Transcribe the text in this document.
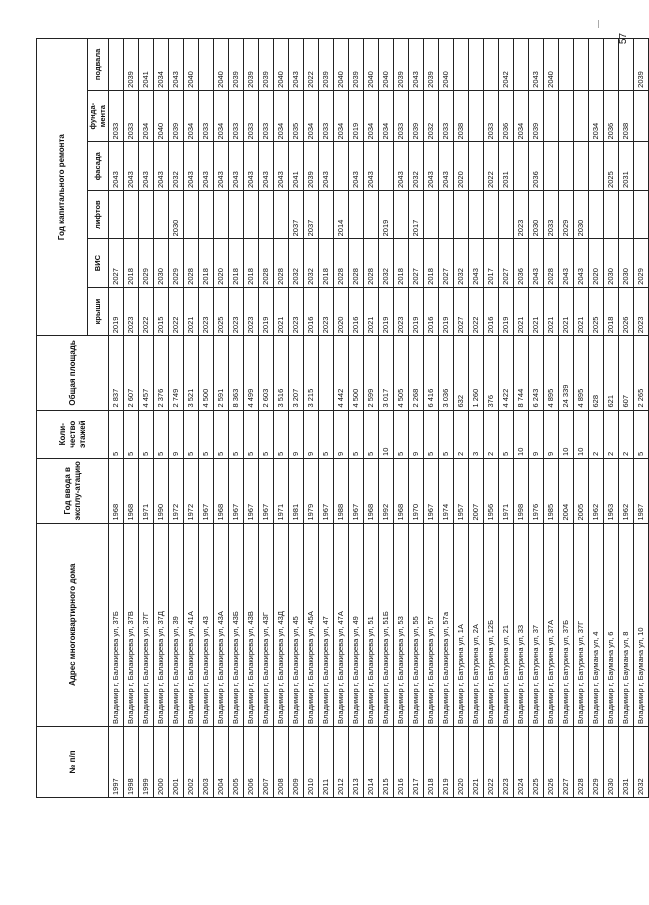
57
№ п/п	Адрес многоквартирного дома	Год ввода в эксплу-атацию	Коли-чество этажей	Общая площадь	Год капитального ремонта					
					крыши	ВИС	лифтов	фасада	фунда-мента	подвала
1997	Владимир г, Балакирева ул, 37Б	1968	5	2 837	2019	2027		2043	2033	
1998	Владимир г, Балакирева ул, 37В	1968	5	2 607	2023	2018		2043	2033	2039
1999	Владимир г, Балакирева ул, 37Г	1971	5	4 457	2022	2029		2043	2034	2041
2000	Владимир г, Балакирева ул, 37Д	1990	5	2 376	2015	2030		2043	2040	2034
2001	Владимир г, Балакирева ул, 39	1972	9	2 749	2022	2029	2030	2032	2039	2043
2002	Владимир г, Балакирева ул, 41А	1972	5	3 521	2021	2028		2043	2034	2040
2003	Владимир г, Балакирева ул, 43	1967	5	4 500	2023	2018		2043	2033	
2004	Владимир г, Балакирева ул, 43А	1968	5	2 591	2025	2020		2043	2034	2040
2005	Владимир г, Балакирева ул, 43Б	1967	5	8 363	2023	2018		2043	2033	2039
2006	Владимир г, Балакирева ул, 43В	1967	5	4 499	2023	2018		2043	2033	2039
2007	Владимир г, Балакирева ул, 43Г	1967	5	2 603	2019	2028		2043	2033	2039
2008	Владимир г, Балакирева ул, 43Д	1971	5	3 516	2021	2028		2043	2034	2040
2009	Владимир г, Балакирева ул, 45	1981	9	3 207	2023	2032	2037	2041	2035	2043
2010	Владимир г, Балакирева ул, 45А	1979	9	3 215	2016	2032	2037	2039	2034	2022
2011	Владимир г, Балакирева ул, 47	1967	5		2023	2018		2043	2033	2039
2012	Владимир г, Балакирева ул, 47А	1988	9	4 442	2020	2028	2014		2034	2040
2013	Владимир г, Балакирева ул, 49	1967	5	4 500	2016	2028		2043	2019	2039
2014	Владимир г, Балакирева ул, 51	1968	5	2 599	2021	2028		2043	2034	2040
2015	Владимир г, Балакирева ул, 51Б	1992	10	3 017	2019	2032	2019		2034	2040
2016	Владимир г, Балакирева ул, 53	1968	5	4 505	2023	2018		2043	2033	2039
2017	Владимир г, Балакирева ул, 55	1970	9	2 268	2019	2027	2017	2032	2039	2043
2018	Владимир г, Балакирева ул, 57	1967	5	6 416	2016	2018		2043	2032	2039
2019	Владимир г, Балакирева ул, 57а	1974	5	3 036	2019	2027		2043	2033	2040
2020	Владимир г, Батурина ул, 1А	1957	2	632	2027	2032		2020	2038	
2021	Владимир г, Батурина ул, 2А	2007	3	1 260	2022	2043				
2022	Владимир г, Батурина ул, 12Б	1956	2	376	2016	2017		2022	2033	
2023	Владимир г, Батурина ул, 21	1971	5	4 422	2019	2027		2031	2036	2042
2024	Владимир г, Батурина ул, 33	1998	10	8 744	2021	2036	2023		2034	
2025	Владимир г, Батурина ул, 37	1976	9	6 243	2021	2043	2030	2036	2039	2043
2026	Владимир г, Батурина ул, 37А	1985	9	4 895	2021	2028	2033			2040
2027	Владимир г, Батурина ул, 37Б	2004	10	24 339	2021	2043	2029			
2028	Владимир г, Батурина ул, 37Г	2005	10	4 895	2021	2043	2030			
2029	Владимир г, Баумана ул, 4	1962	2	628	2025	2020			2034	
2030	Владимир г, Баумана ул, 6	1963	2	621	2018	2030		2025	2036	
2031	Владимир г, Баумана ул, 8	1962	2	607	2026	2030		2031	2038	
2032	Владимир г, Баумана ул, 10	1987	5	2 265	2023	2029				2039
